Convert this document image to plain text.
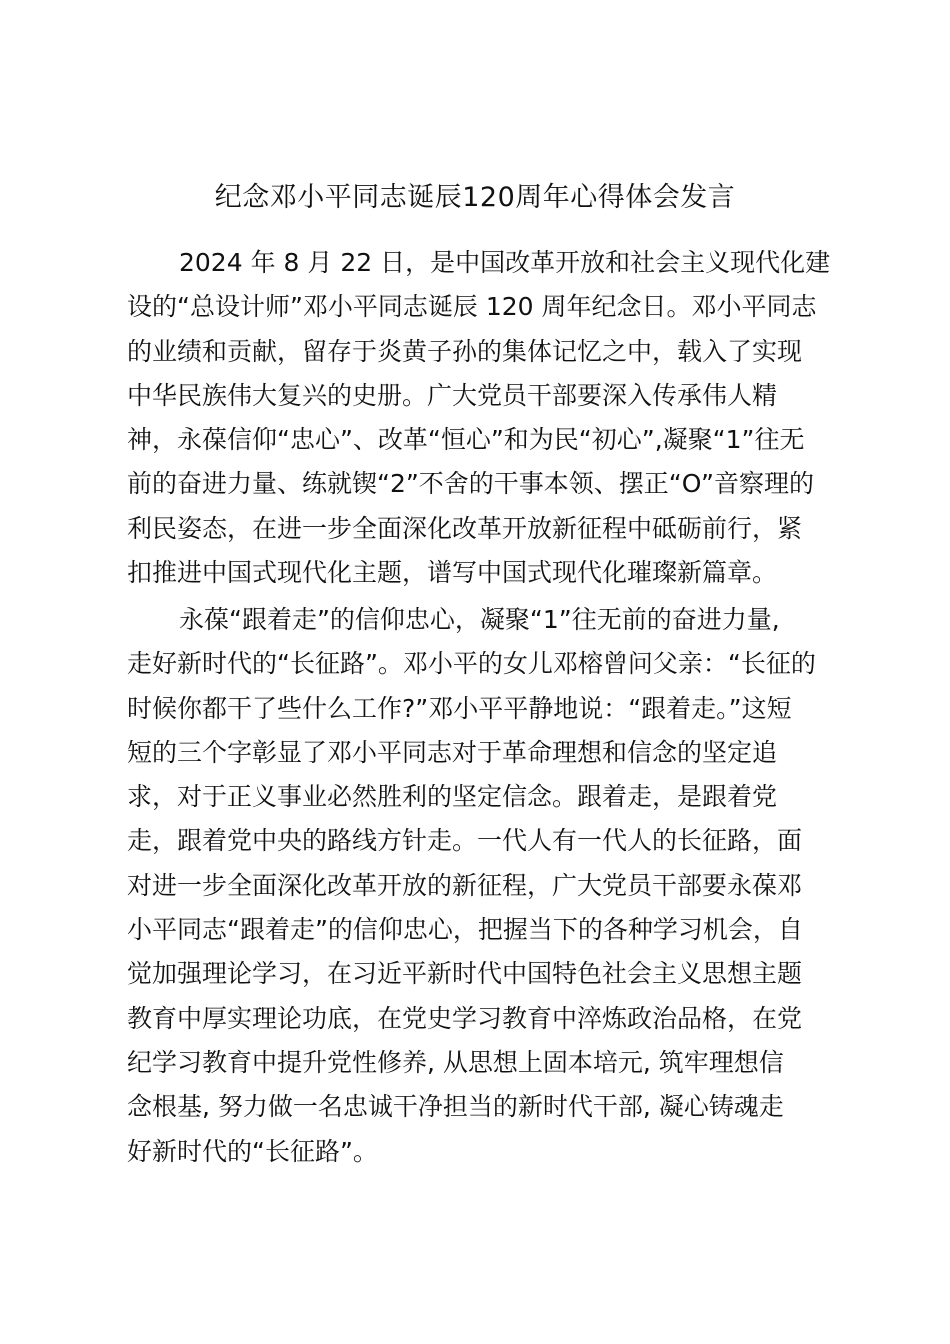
纪念邓小平同志诞辰120周年心得体会发言
2024 年 8 月 22 日，是中国改革开放和社会主义现代化建
设的“总设计师”邓小平同志诞辰 120 周年纪念日。邓小平同志
的业绩和贡献，留存于炎黄子孙的集体记忆之中，载入了实现
中华民族伟大复兴的史册。广大党员干部要深入传承伟人精
神，永葆信仰“忠心”、改革“恒心”和为民“初心”,凝聚“1”往无
前的奋进力量、练就锲“2”不舍的干事本领、摆正“O”音察理的
利民姿态，在进一步全面深化改革开放新征程中砥砺前行，紧
扣推进中国式现代化主题，谱写中国式现代化璀璨新篇章。
永葆“跟着走”的信仰忠心，凝聚“1”往无前的奋进力量,
走好新时代的“长征路”。邓小平的女儿邓榕曾问父亲：“长征的
时候你都干了些什么工作?”邓小平平静地说：“跟着走。”这短
短的三个字彰显了邓小平同志对于革命理想和信念的坚定追
求，对于正义事业必然胜利的坚定信念。跟着走，是跟着党
走，跟着党中央的路线方针走。一代人有一代人的长征路，面
对进一步全面深化改革开放的新征程，广大党员干部要永葆邓
小平同志“跟着走”的信仰忠心，把握当下的各种学习机会，自
觉加强理论学习，在习近平新时代中国特色社会主义思想主题
教育中厚实理论功底，在党史学习教育中淬炼政治品格，在党
纪学习教育中提升党性修养, 从思想上固本培元, 筑牢理想信
念根基, 努力做一名忠诚干净担当的新时代干部, 凝心铸魂走
好新时代的“长征路”。
